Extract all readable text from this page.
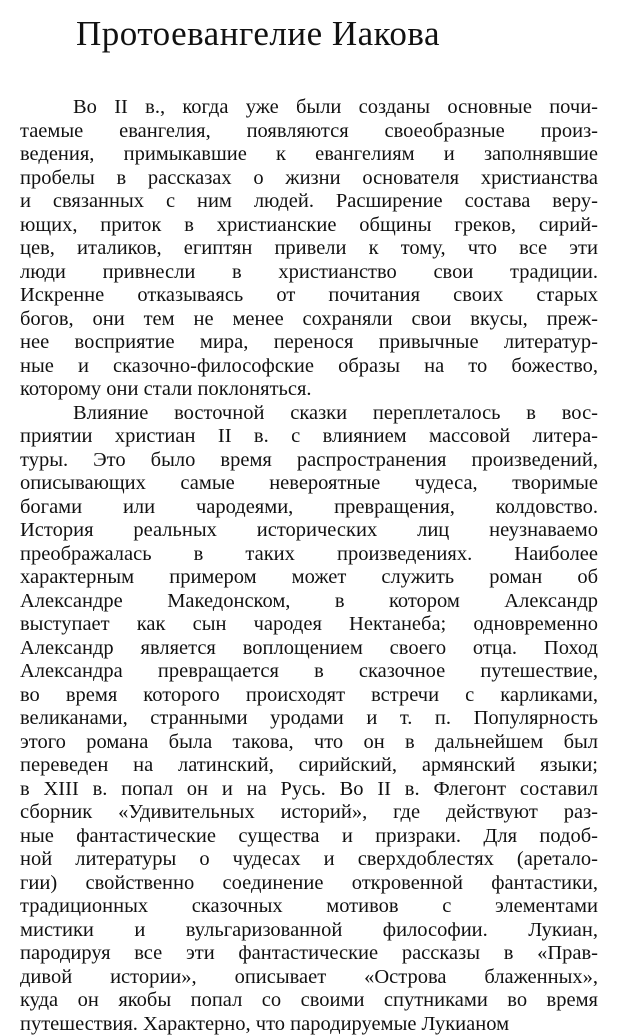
Протоевангелие Иакова
Во II в., когда уже были созданы основные почи-
таемые евангелия, появляются своеобразные произ-
ведения, примыкавшие к евангелиям и заполнявшие
пробелы в рассказах о жизни основателя христианства
и связанных с ним людей. Расширение состава веру-
ющих, приток в христианские общины греков, сирий-
цев, италиков, египтян привели к тому, что все эти
люди привнесли в христианство свои традиции.
Искренне отказываясь от почитания своих старых
богов, они тем не менее сохраняли свои вкусы, преж-
нее восприятие мира, перенося привычные литератур-
ные и сказочно-философские образы на то божество,
которому они стали поклоняться.
Влияние восточной сказки переплеталось в вос-
приятии христиан II в. с влиянием массовой литера-
туры. Это было время распространения произведений,
описывающих самые невероятные чудеса, творимые
богами или чародеями, превращения, колдовство.
История реальных исторических лиц неузнаваемо
преображалась в таких произведениях. Наиболее
характерным примером может служить роман об
Александре Македонском, в котором Александр
выступает как сын чародея Нектанеба; одновременно
Александр является воплощением своего отца. Поход
Александра превращается в сказочное путешествие,
во время которого происходят встречи с карликами,
великанами, странными уродами и т. п. Популярность
этого романа была такова, что он в дальнейшем был
переведен на латинский, сирийский, армянский языки;
в XIII в. попал он и на Русь. Во II в. Флегонт составил
сборник «Удивительных историй», где действуют раз-
ные фантастические существа и призраки. Для подоб-
ной литературы о чудесах и сверхдоблестях (аретало-
гии) свойственно соединение откровенной фантастики,
традиционных сказочных мотивов с элементами
мистики и вульгаризованной философии. Лукиан,
пародируя все эти фантастические рассказы в «Прав-
дивой истории», описывает «Острова блаженных»,
куда он якобы попал со своими спутниками во время
путешествия. Характерно, что пародируемые Лукианом
